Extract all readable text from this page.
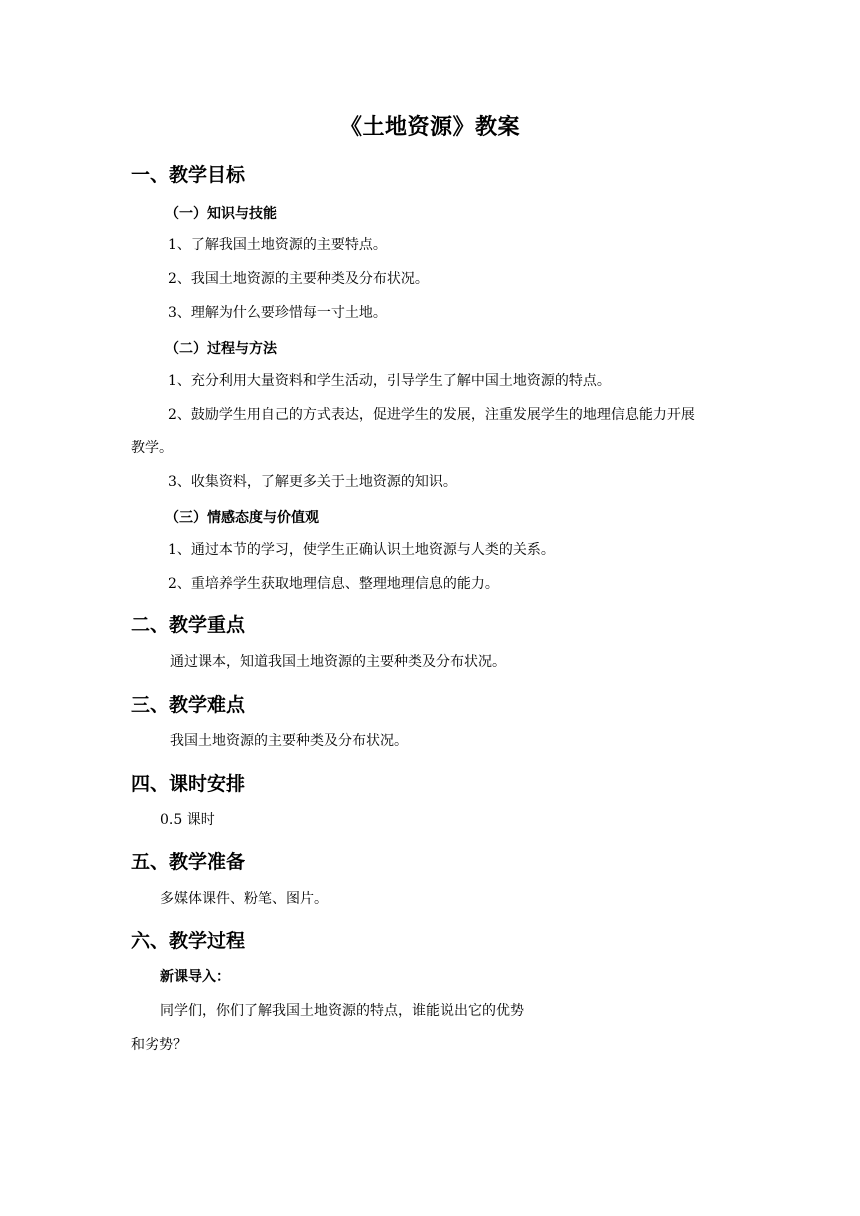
《土地资源》教案
一、教学目标
（一）知识与技能
1、了解我国土地资源的主要特点。
2、我国土地资源的主要种类及分布状况。
3、理解为什么要珍惜每一寸土地。
（二）过程与方法
1、充分利用大量资料和学生活动，引导学生了解中国土地资源的特点。
2、鼓励学生用自己的方式表达，促进学生的发展，注重发展学生的地理信息能力开展
教学。
3、收集资料，了解更多关于土地资源的知识。
（三）情感态度与价值观
1、通过本节的学习，使学生正确认识土地资源与人类的关系。
2、重培养学生获取地理信息、整理地理信息的能力。
二、教学重点
通过课本，知道我国土地资源的主要种类及分布状况。
三、教学难点
我国土地资源的主要种类及分布状况。
四、课时安排
0.5 课时
五、教学准备
多媒体课件、粉笔、图片。
六、教学过程
新课导入：
同学们，你们了解我国土地资源的特点，谁能说出它的优势
和劣势？
